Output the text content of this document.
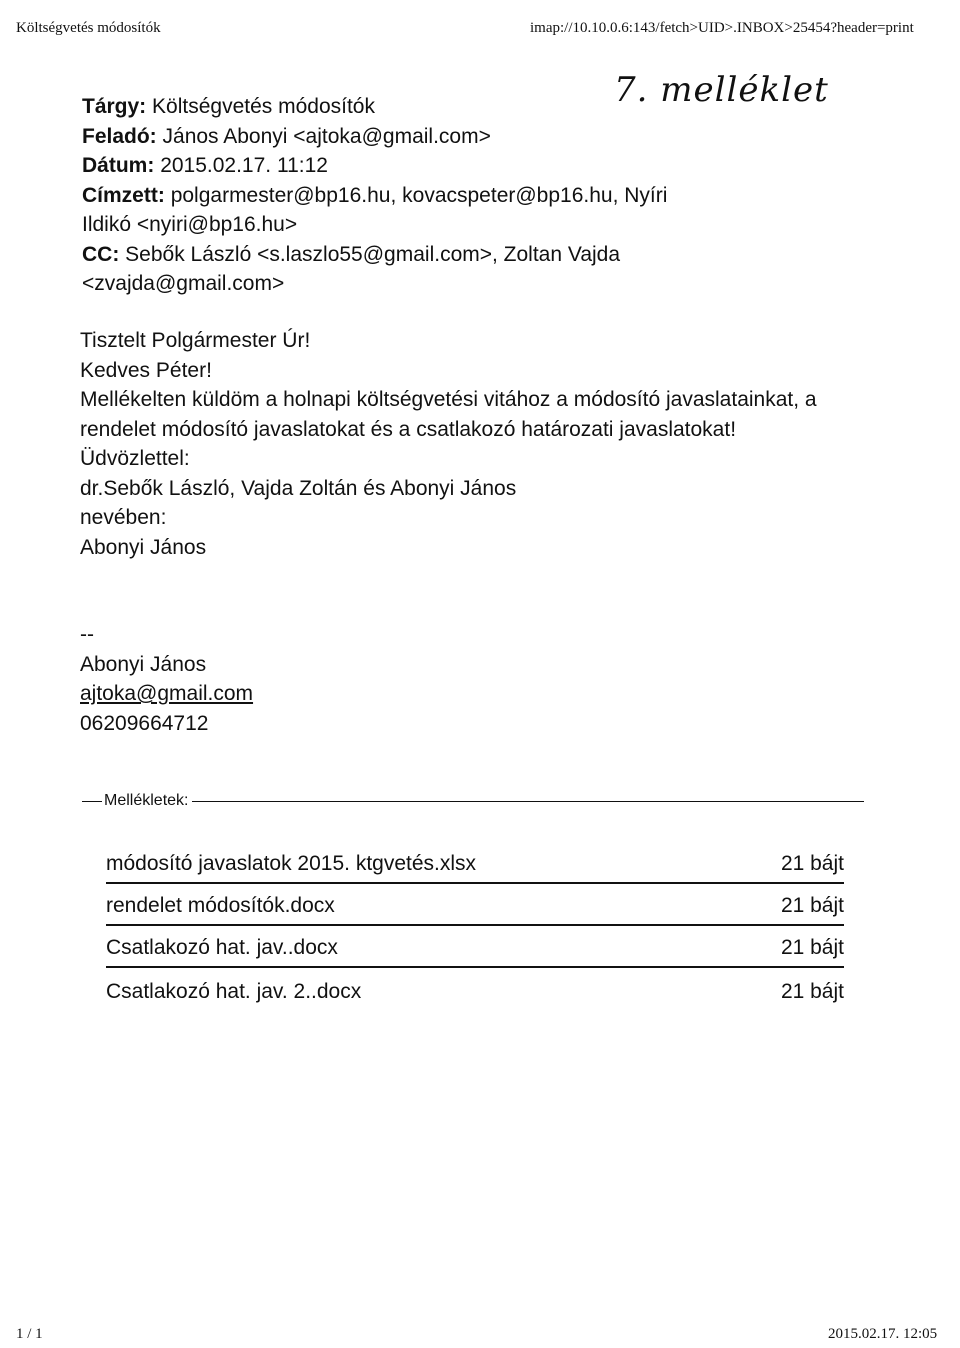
Költségvetés módosítók	imap://10.10.0.6:143/fetch>UID>.INBOX>25454?header=print
7. melléklet
Tárgy: Költségvetés módosítók
Feladó: János Abonyi <ajtoka@gmail.com>
Dátum: 2015.02.17. 11:12
Címzett: polgarmester@bp16.hu, kovacspeter@bp16.hu, Nyíri Ildikó <nyiri@bp16.hu>
CC: Sebők László <s.laszlo55@gmail.com>, Zoltan Vajda <zvajda@gmail.com>
Tisztelt Polgármester Úr!
Kedves Péter!
Mellékelten küldöm a holnapi költségvetési vitához a módosító javaslatainkat, a rendelet módosító javaslatokat és a csatlakozó határozati javaslatokat!
Üdvözlettel:
dr.Sebők László, Vajda Zoltán és Abonyi János
nevében:
Abonyi János
--
Abonyi János
ajtoka@gmail.com
06209664712
Mellékletek:
módosító javaslatok 2015. ktgvetés.xlsx	21 bájt
rendelet módosítók.docx	21 bájt
Csatlakozó hat. jav..docx	21 bájt
Csatlakozó hat. jav. 2..docx	21 bájt
1 / 1	2015.02.17. 12:05
